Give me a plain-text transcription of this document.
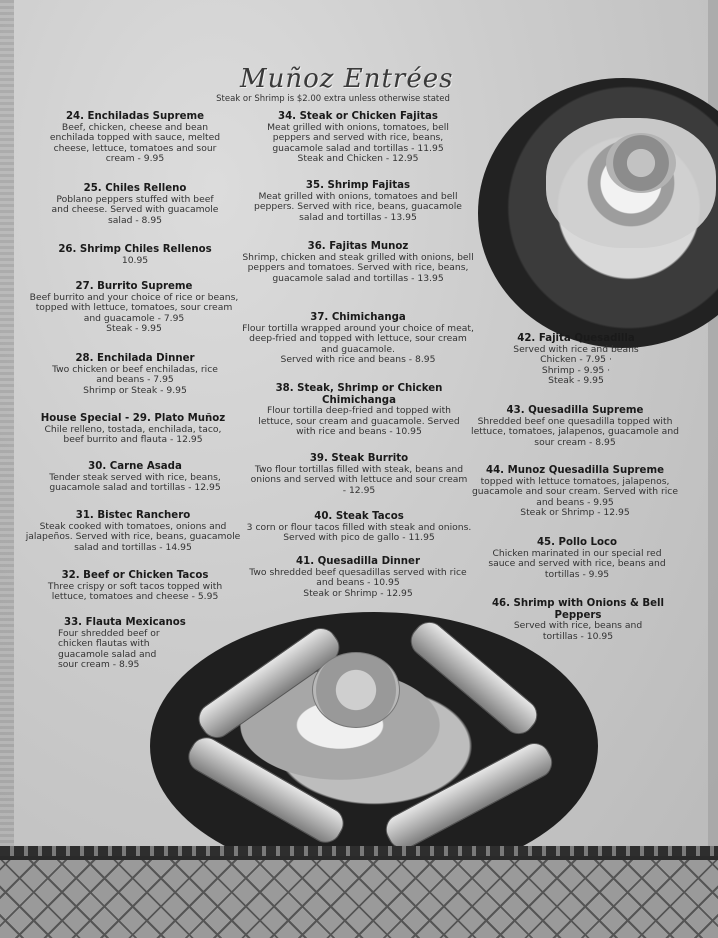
Muñoz Entrées
Steak or Shrimp is $2.00 extra unless otherwise stated
24. Enchiladas Supreme
Beef, chicken, cheese and bean enchilada topped with sauce, melted cheese, lettuce, tomatoes and sour cream - 9.95
25. Chiles Relleno
Poblano peppers stuffed with beef and cheese. Served with guacamole salad - 8.95
26. Shrimp Chiles Rellenos
10.95
27. Burrito Supreme
Beef burrito and your choice of rice or beans, topped with lettuce, tomatoes, sour cream and guacamole - 7.95
Steak - 9.95
28. Enchilada Dinner
Two chicken or beef enchiladas, rice and beans - 7.95
Shrimp or Steak - 9.95
House Special - 29. Plato Muñoz
Chile relleno, tostada, enchilada, taco, beef burrito and flauta - 12.95
30. Carne Asada
Tender steak served with rice, beans, guacamole salad and tortillas - 12.95
31. Bistec Ranchero
Steak cooked with tomatoes, onions and jalapeños. Served with rice, beans, guacamole salad and tortillas - 14.95
32. Beef or Chicken Tacos
Three crispy or soft tacos topped with lettuce, tomatoes and cheese - 5.95
33. Flauta Mexicanos
Four shredded beef or chicken flautas with guacamole salad and sour cream - 8.95
34. Steak or Chicken Fajitas
Meat grilled with onions, tomatoes, bell peppers and served with rice, beans, guacamole salad and tortillas - 11.95
Steak and Chicken - 12.95
35. Shrimp Fajitas
Meat grilled with onions, tomatoes and bell peppers. Served with rice, beans, guacamole salad and tortillas - 13.95
36. Fajitas Munoz
Shrimp, chicken and steak grilled with onions, bell peppers and tomatoes. Served with rice, beans, guacamole salad and tortillas - 13.95
37. Chimichanga
Flour tortilla wrapped around your choice of meat, deep-fried and topped with lettuce, sour cream and guacamole.
Served with rice and beans - 8.95
38. Steak, Shrimp or Chicken Chimichanga
Flour tortilla deep-fried and topped with lettuce, sour cream and guacamole. Served with rice and beans - 10.95
39. Steak Burrito
Two flour tortillas filled with steak, beans and onions and served with lettuce and sour cream - 12.95
40. Steak Tacos
3 corn or flour tacos filled with steak and onions. Served with pico de gallo - 11.95
41. Quesadilla Dinner
Two shredded beef quesadillas served with rice and beans - 10.95
Steak or Shrimp - 12.95
42. Fajita Quesadilla
Served with rice and beans
Chicken - 7.95 · Shrimp - 9.95 · Steak - 9.95
43. Quesadilla Supreme
Shredded beef one quesadilla topped with lettuce, tomatoes, jalapenos, guacamole and sour cream - 8.95
44. Munoz Quesadilla Supreme
topped with lettuce tomatoes, jalapenos, guacamole and sour cream. Served with rice and beans - 9.95
Steak or Shrimp - 12.95
45. Pollo Loco
Chicken marinated in our special red sauce and served with rice, beans and tortillas - 9.95
46. Shrimp with Onions & Bell Peppers
Served with rice, beans and tortillas - 10.95
